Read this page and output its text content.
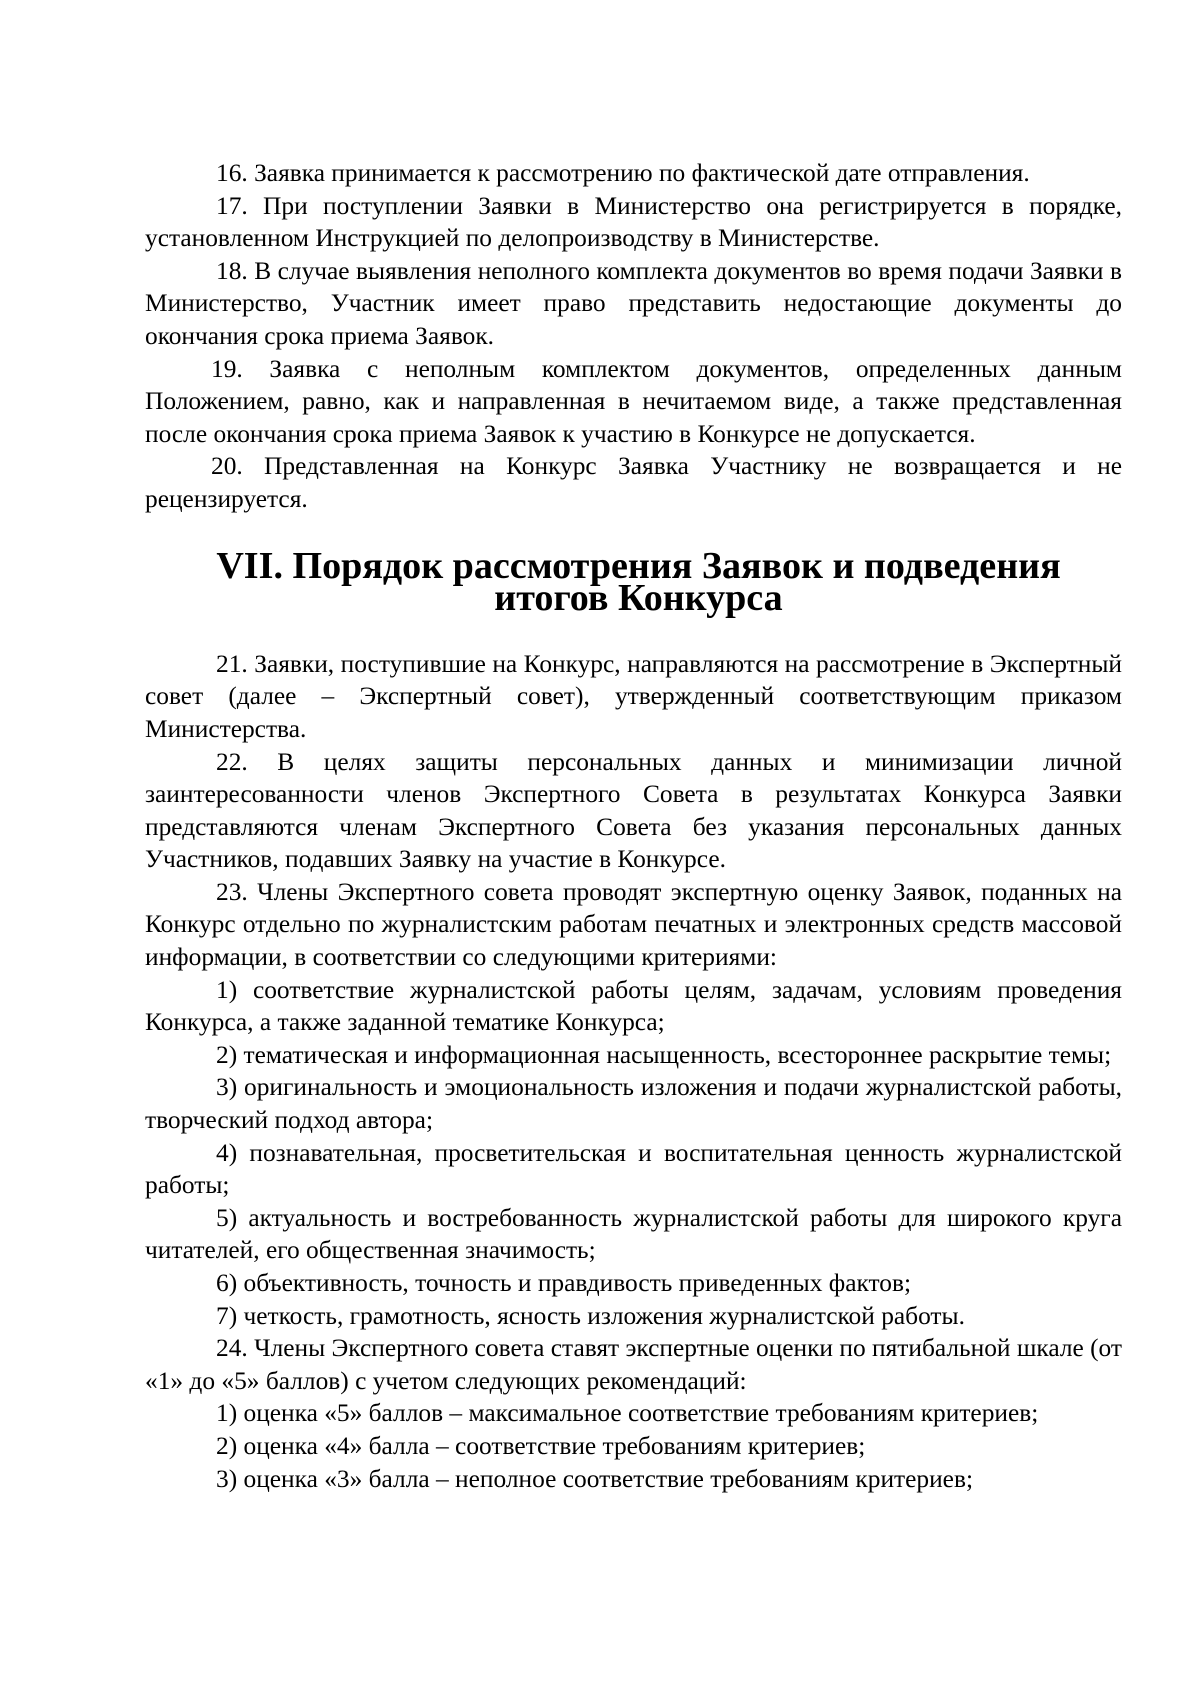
16. Заявка принимается к рассмотрению по фактической дате отправления.

17. При поступлении Заявки в Министерство она регистрируется в порядке, установленном Инструкцией по делопроизводству в Министерстве.

18. В случае выявления неполного комплекта документов во время подачи Заявки в Министерство, Участник имеет право представить недостающие документы до окончания срока приема Заявок.

19. Заявка с неполным комплектом документов, определенных данным Положением, равно, как и направленная в нечитаемом виде, а также представленная после окончания срока приема Заявок к участию в Конкурсе не допускается.

20. Представленная на Конкурс Заявка Участнику не возвращается и не рецензируется.

VII. Порядок рассмотрения Заявок и подведения итогов Конкурса

21. Заявки, поступившие на Конкурс, направляются на рассмотрение в Экспертный совет (далее – Экспертный совет), утвержденный соответствующим приказом Министерства.

22. В целях защиты персональных данных и минимизации личной заинтересованности членов Экспертного Совета в результатах Конкурса Заявки представляются членам Экспертного Совета без указания персональных данных Участников, подавших Заявку на участие в Конкурсе.

23. Члены Экспертного совета проводят экспертную оценку Заявок, поданных на Конкурс отдельно по журналистским работам печатных и электронных средств массовой информации, в соответствии со следующими критериями:

1) соответствие журналистской работы целям, задачам, условиям проведения Конкурса, а также заданной тематике Конкурса;

2) тематическая и информационная насыщенность, всестороннее раскрытие темы;

3) оригинальность и эмоциональность изложения и подачи журналистской работы, творческий подход автора;

4) познавательная, просветительская и воспитательная ценность журналистской работы;

5) актуальность и востребованность журналистской работы для широкого круга читателей, его общественная значимость;

6) объективность, точность и правдивость приведенных фактов;

7) четкость, грамотность, ясность изложения журналистской работы.

24. Члены Экспертного совета ставят экспертные оценки по пятибальной шкале (от «1» до «5» баллов) с учетом следующих рекомендаций:

1) оценка «5» баллов – максимальное соответствие требованиям критериев;

2) оценка «4» балла – соответствие требованиям критериев;

3) оценка «3» балла – неполное соответствие требованиям критериев;
